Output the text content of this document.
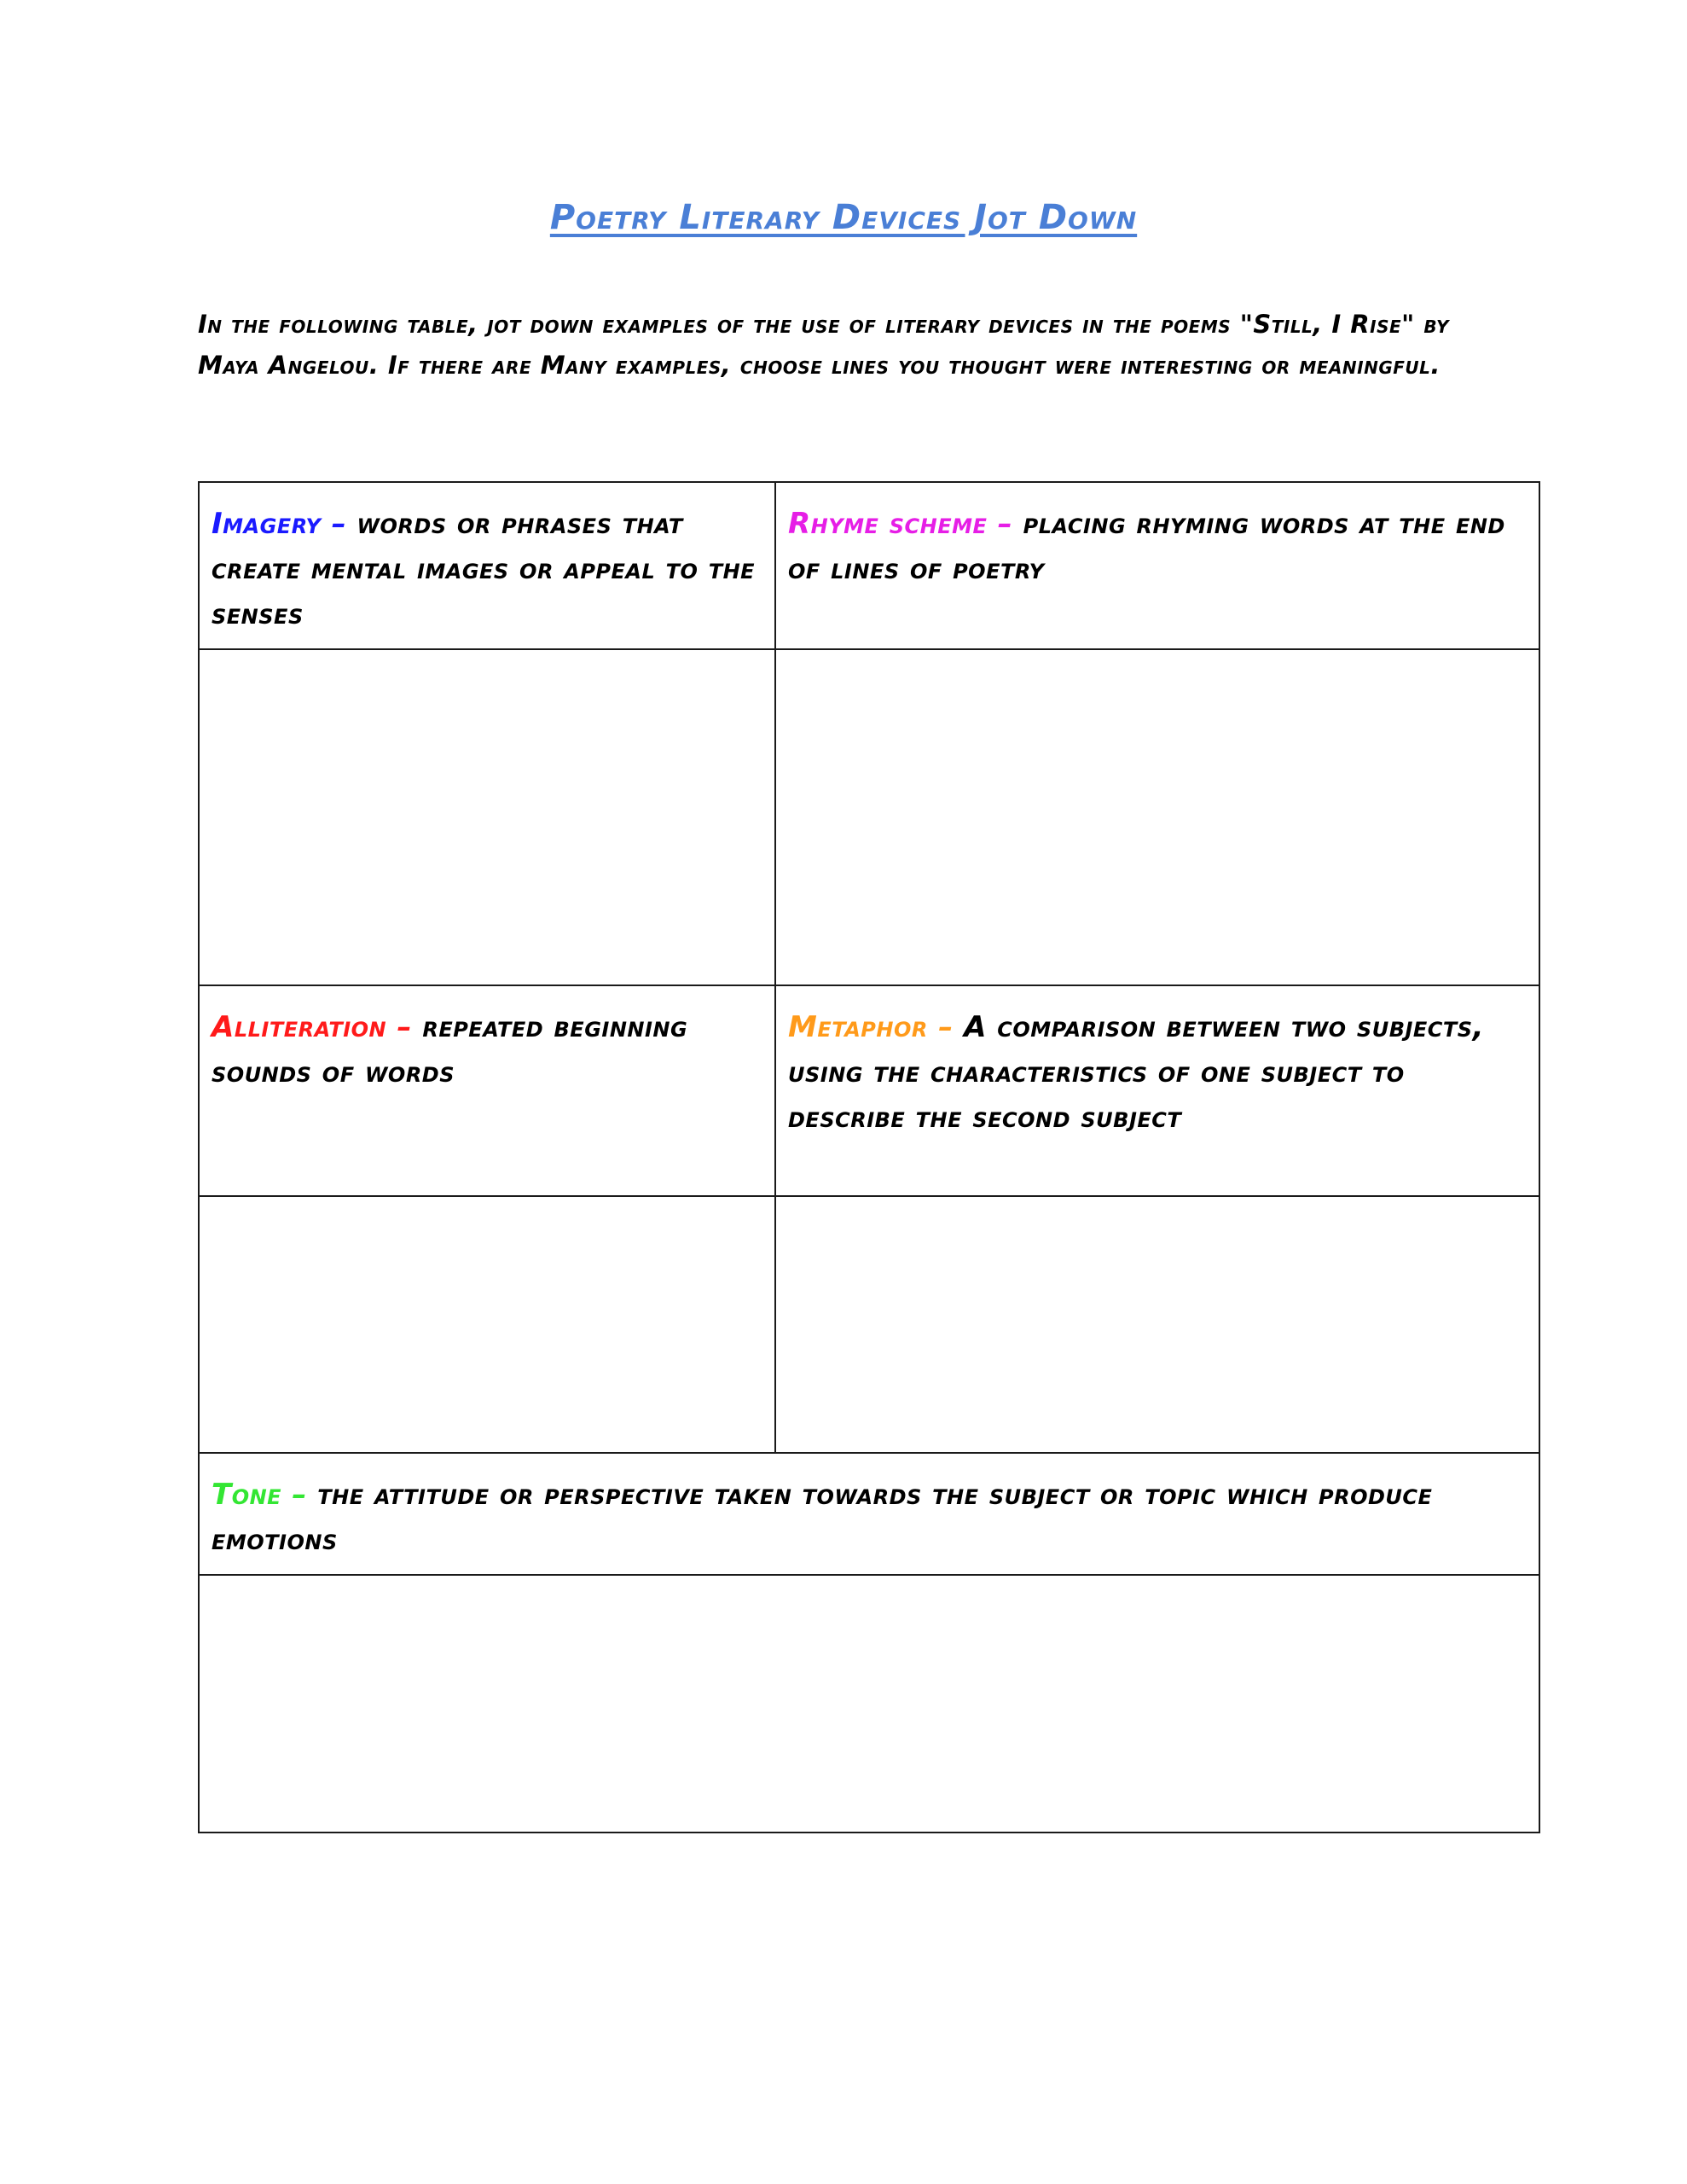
Poetry Literary Devices Jot Down
In the following table, jot down examples of the use of literary devices in the poems "Still, I Rise" by Maya Angelou. If there are Many examples, choose lines you thought were interesting or meaningful.
Imagery – words or phrases that create mental images or appeal to the senses	Rhyme scheme – placing rhyming words at the end of lines of poetry

Alliteration – repeated beginning sounds of words	Metaphor – A comparison between two subjects, using the characteristics of one subject to describe the second subject

Tone – the attitude or perspective taken towards the subject or topic which produce emotions	
